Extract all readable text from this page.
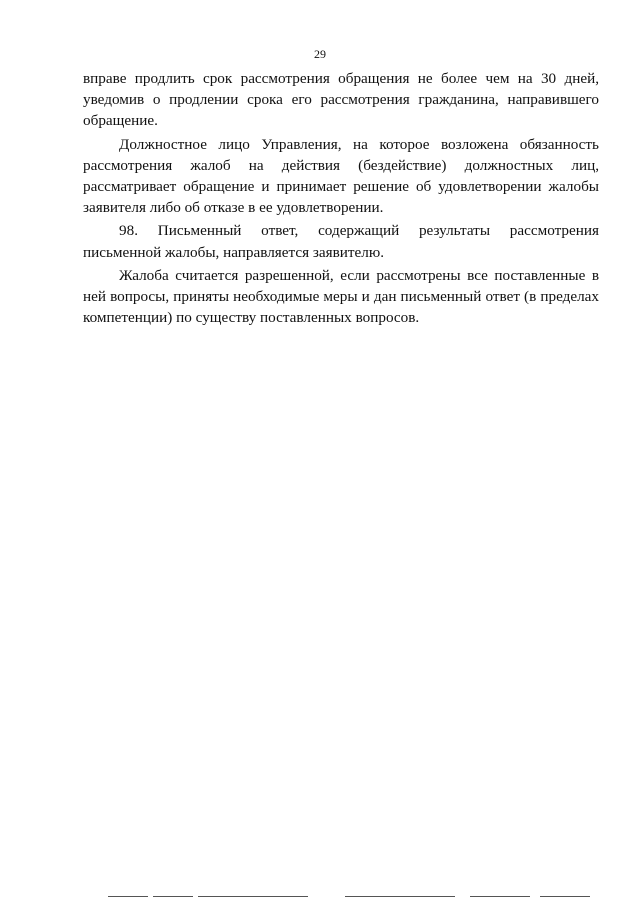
29

вправе продлить срок рассмотрения обращения не более чем на 30 дней, уведомив о продлении срока его рассмотрения гражданина, направившего обращение.

Должностное лицо Управления, на которое возложена обязанность рассмотрения жалоб на действия (бездействие) должностных лиц, рассматривает обращение и принимает решение об удовлетворении жалобы заявителя либо об отказе в ее удовлетворении.

98. Письменный ответ, содержащий результаты рассмотрения письменной жалобы, направляется заявителю.

Жалоба считается разрешенной, если рассмотрены все поставленные в ней вопросы, приняты необходимые меры и дан письменный ответ (в пределах компетенции) по существу поставленных вопросов.
